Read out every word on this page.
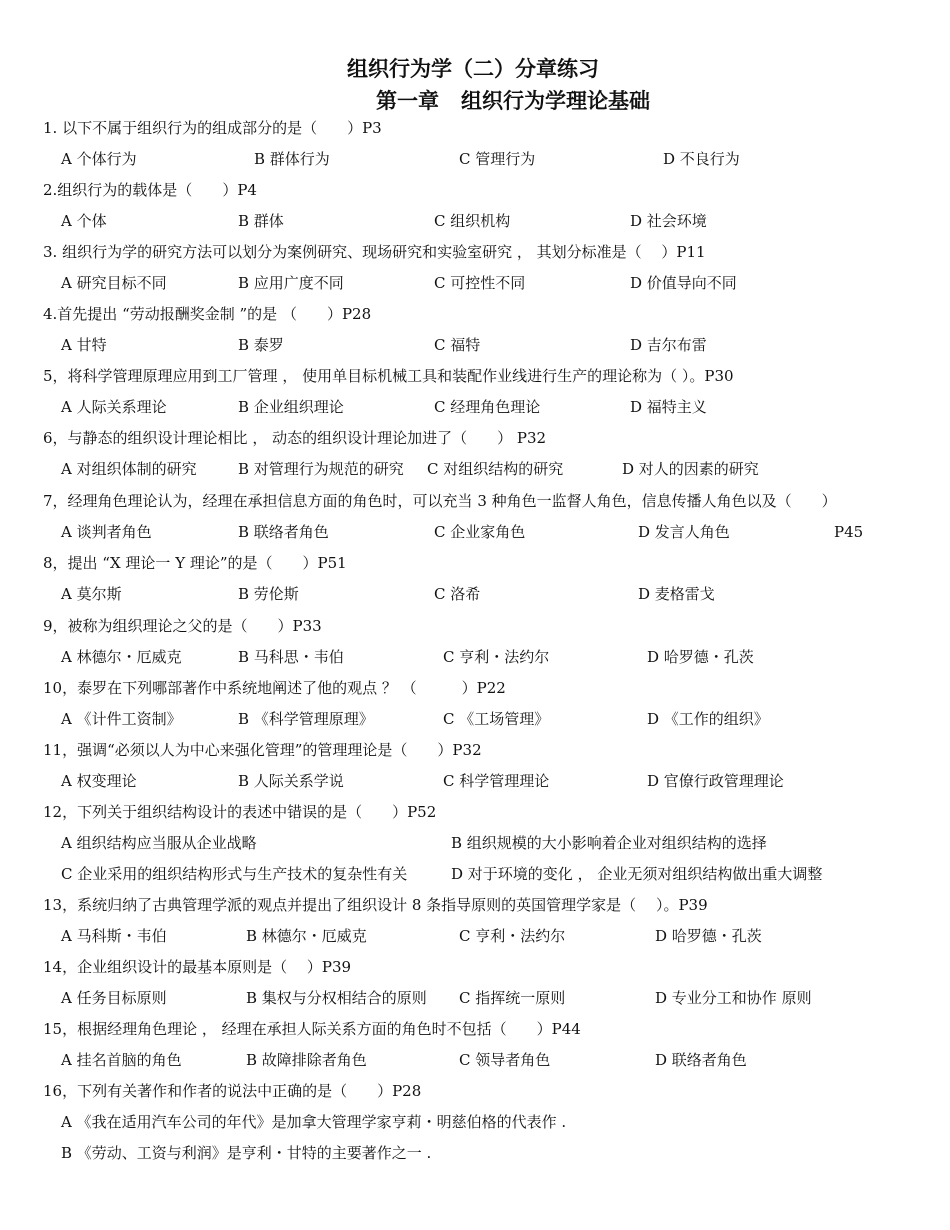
组织行为学（二）分章练习
第一章 组织行为学理论基础
1. 以下不属于组织行为的组成部分的是（　　）P3
A 个体行为	B 群体行为	C 管理行为	D 不良行为
2.组织行为的载体是（　　）P4
A 个体	B 群体	C 组织机构	D 社会环境
3. 组织行为学的研究方法可以划分为案例研究、现场研究和实验室研究 ， 其划分标准是（　 ）P11
A 研究目标不同	B 应用广度不同	C 可控性不同	D 价值导向不同
4.首先提出 “劳动报酬奖金制 ”的是 （　　）P28
A 甘特	B 泰罗	C 福特	D 吉尔布雷
5，将科学管理原理应用到工厂管理 ， 使用单目标机械工具和装配作业线进行生产的理论称为（ ）。P30
A 人际关系理论	B 企业组织理论	C 经理角色理论	D 福特主义
6，与静态的组织设计理论相比 ， 动态的组织设计理论加进了（　　） P32
A 对组织体制的研究	B 对管理行为规范的研究 C 对组织结构的研究	D 对人的因素的研究
7，经理角色理论认为，经理在承担信息方面的角色时，可以充当 3 种角色一监督人角色，信息传播人角色以及（　　）
A 谈判者角色	B 联络者角色	C 企业家角色	D 发言人角色	P45
8，提出 “X 理论一 Y 理论”的是（　　）P51
A 莫尔斯	B 劳伦斯	C 洛希	D 麦格雷戈
9，被称为组织理论之父的是（　　）P33
A 林德尔・厄威克	B 马科思・韦伯	C 亨利・法约尔	D 哈罗德・孔茨
10，泰罗在下列哪部著作中系统地阐述了他的观点 ？ （　　　）P22
A 《计件工资制》	B 《科学管理原理》	C 《工场管理》	D 《工作的组织》
11，强调“必须以人为中心来强化管理”的管理理论是（　　）P32
A 权变理论	B 人际关系学说	C 科学管理理论	D 官僚行政管理理论
12，下列关于组织结构设计的表述中错误的是（　　）P52
A 组织结构应当服从企业战略	B 组织规模的大小影响着企业对组织结构的选择
C 企业采用的组织结构形式与生产技术的复杂性有关	D 对于环境的变化 ， 企业无须对组织结构做出重大调整
13，系统归纳了古典管理学派的观点并提出了组织设计 8 条指导原则的英国管理学家是（　 ）。P39
A 马科斯・韦伯	B 林德尔・厄威克	C 亨利・法约尔	D 哈罗德・孔茨
14，企业组织设计的最基本原则是（　 ）P39
A 任务目标原则	B 集权与分权相结合的原则 C 指挥统一原则	D 专业分工和协作 原则
15，根据经理角色理论 ， 经理在承担人际关系方面的角色时不包括（　　）P44
A 挂名首脑的角色	B 故障排除者角色	C 领导者角色	D 联络者角色
16，下列有关著作和作者的说法中正确的是（　　）P28
A 《我在适用汽车公司的年代》是加拿大管理学家亨莉・明慈伯格的代表作 .
B 《劳动、工资与利润》是亨利・甘特的主要著作之一 .
